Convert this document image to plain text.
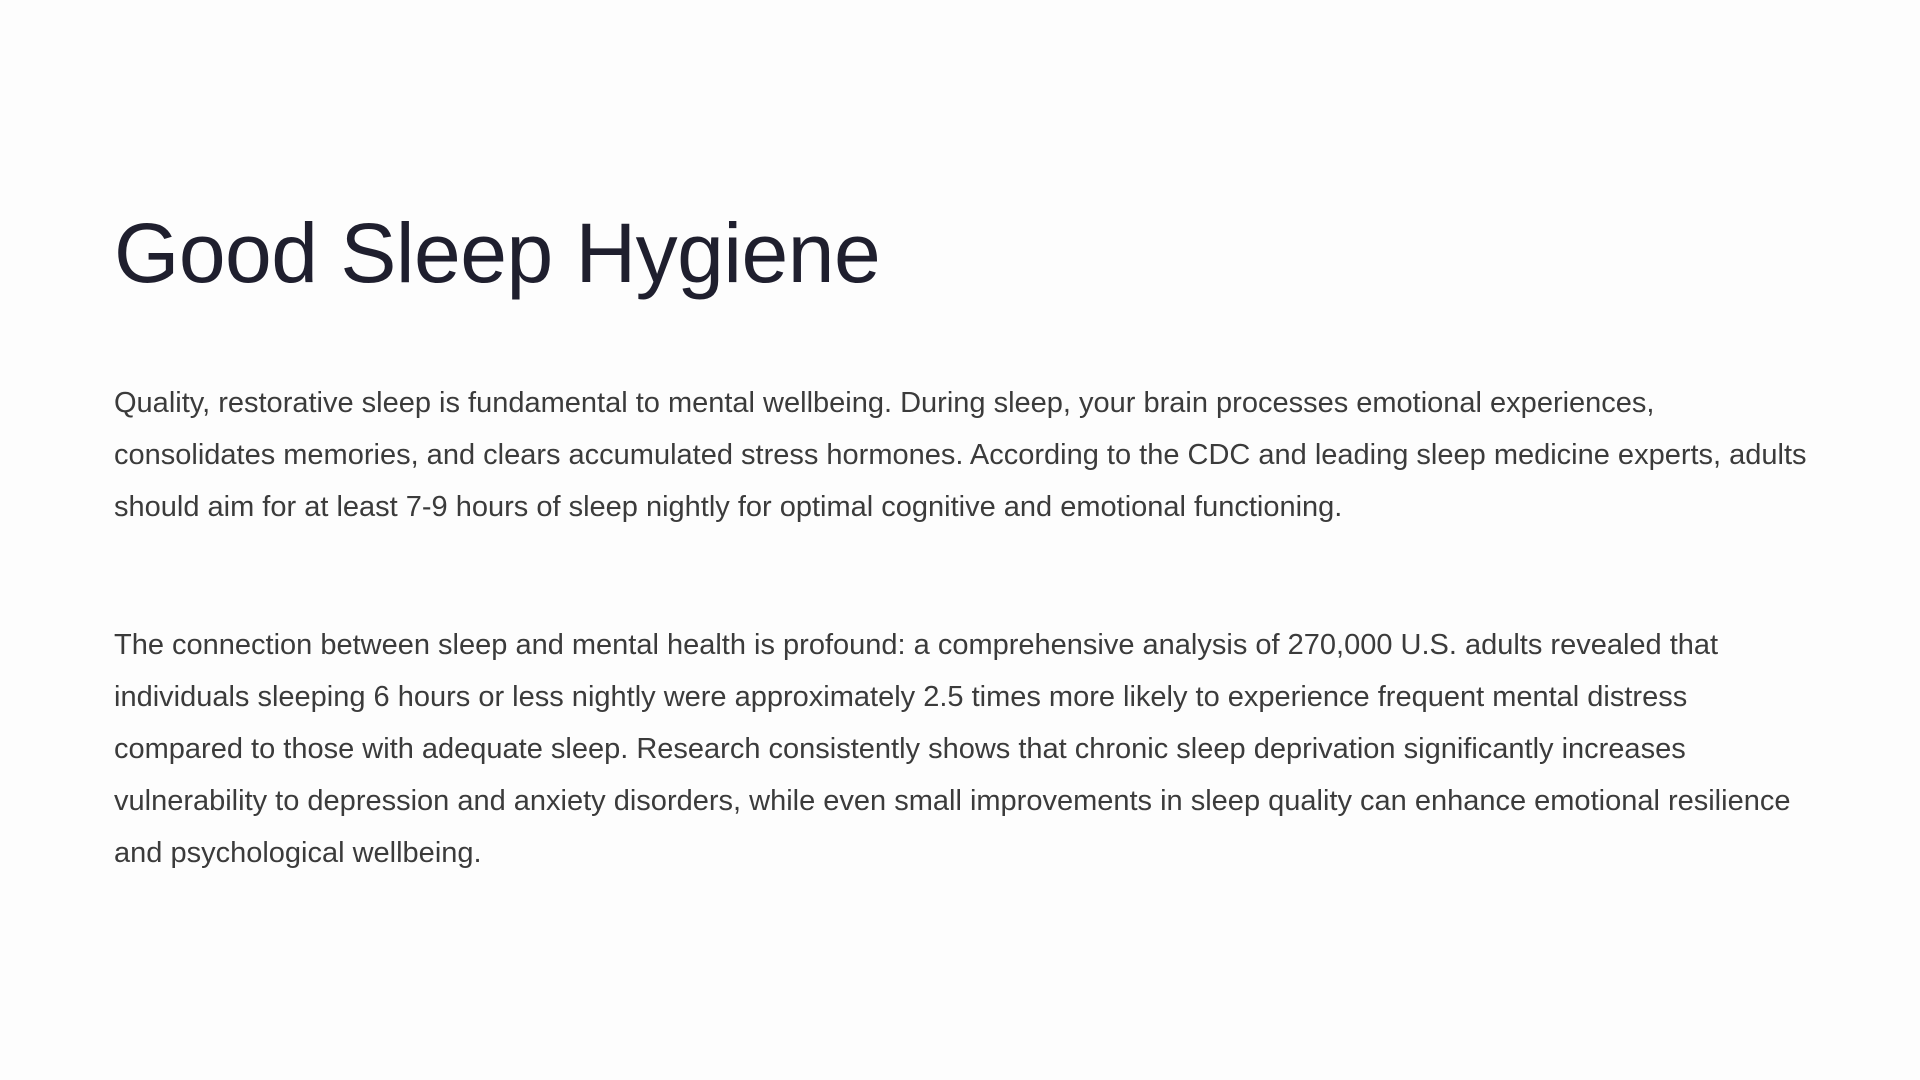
Good Sleep Hygiene

Quality, restorative sleep is fundamental to mental wellbeing. During sleep, your brain processes emotional experiences, consolidates memories, and clears accumulated stress hormones. According to the CDC and leading sleep medicine experts, adults should aim for at least 7-9 hours of sleep nightly for optimal cognitive and emotional functioning.

The connection between sleep and mental health is profound: a comprehensive analysis of 270,000 U.S. adults revealed that individuals sleeping 6 hours or less nightly were approximately 2.5 times more likely to experience frequent mental distress compared to those with adequate sleep. Research consistently shows that chronic sleep deprivation significantly increases vulnerability to depression and anxiety disorders, while even small improvements in sleep quality can enhance emotional resilience and psychological wellbeing.
